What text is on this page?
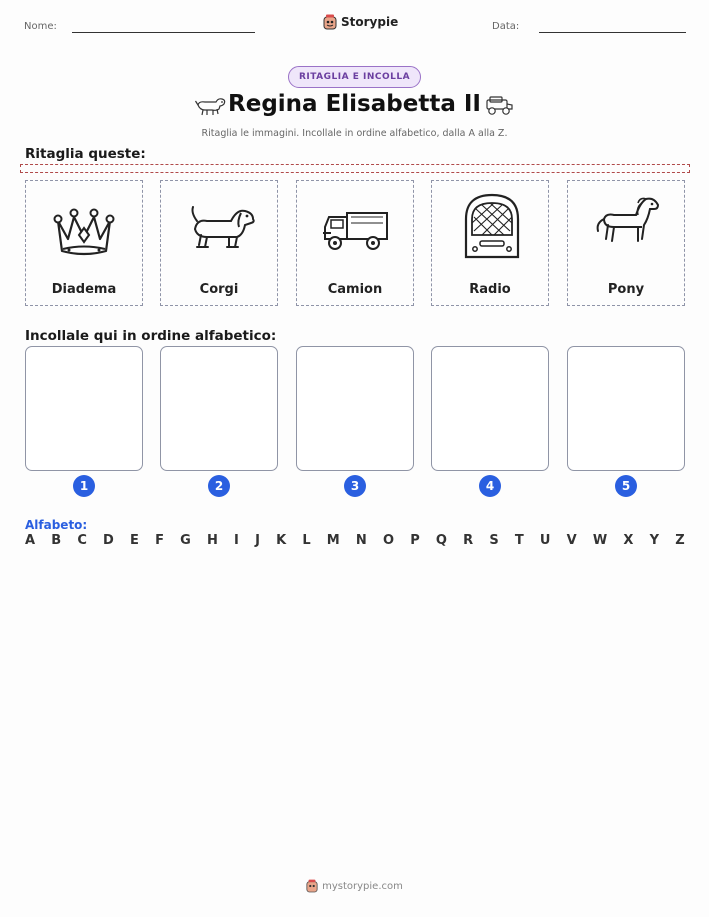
Nome:	Storypie	Data:
RITAGLIA E INCOLLA
Regina Elisabetta II
Ritaglia le immagini. Incollale in ordine alfabetico, dalla A alla Z.
Ritaglia queste:
Diadema	Corgi	Camion	Radio	Pony
Incollale qui in ordine alfabetico:
1	2	3	4	5
Alfabeto:
A B C D E F G H I J K L M N O P Q R S T U V W X Y Z
mystorypie.com
